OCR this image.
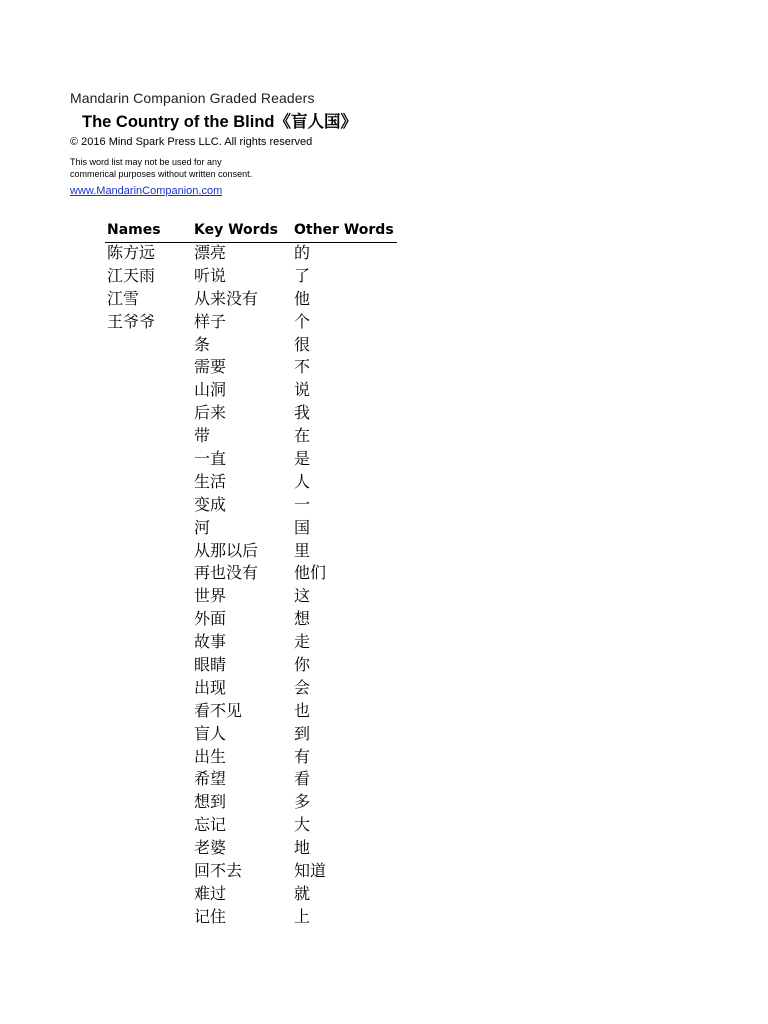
Mandarin Companion Graded Readers
The Country of the Blind《盲人国》
© 2016 Mind Spark Press LLC. All rights reserved
This word list may not be used for any
commerical purposes without written consent.
www.MandarinCompanion.com
Names Key Words Other Words
陈方远
江天雨
江雪
王爷爷
漂亮
听说
从来没有
样子
条
需要
山洞
后来
带
一直
生活
变成
河
从那以后
再也没有
世界
外面
故事
眼睛
出现
看不见
盲人
出生
希望
想到
忘记
老婆
回不去
难过
记住
的
了
他
个
很
不
说
我
在
是
人
一
国
里
他们
这
想
走
你
会
也
到
有
看
多
大
地
知道
就
上
